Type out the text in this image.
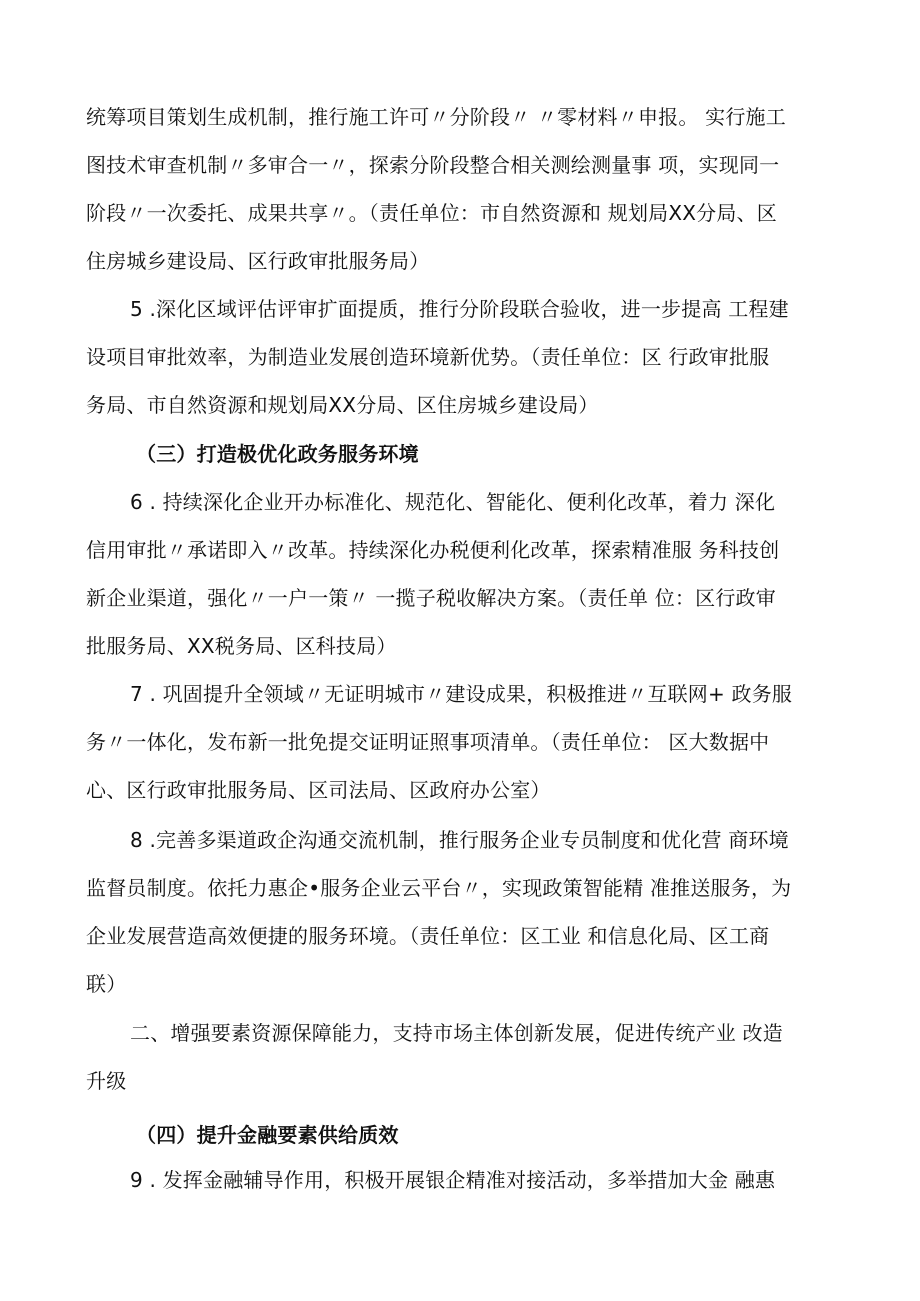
统筹项目策划生成机制，推行施工许可〃分阶段〃 〃零材料〃申报。 实行施工
图技术审查机制〃多审合一〃，探索分阶段整合相关测绘测量事 项，实现同一
阶段〃一次委托、成果共享〃。（责任单位：市自然资源和 规划局XX分局、区
住房城乡建设局、区行政审批服务局）
5 .深化区域评估评审扩面提质，推行分阶段联合验收，进一步提高 工程建
设项目审批效率，为制造业发展创造环境新优势。（责任单位：区 行政审批服
务局、市自然资源和规划局XX分局、区住房城乡建设局）
（三）打造极优化政务服务环境
6 . 持续深化企业开办标准化、规范化、智能化、便利化改革，着力 深化
信用审批〃承诺即入〃改革。持续深化办税便利化改革，探索精准服 务科技创
新企业渠道，强化〃一户一策〃 一揽子税收解决方案。（责任单 位：区行政审
批服务局、XX税务局、区科技局）
7 . 巩固提升全领域〃无证明城市〃建设成果，积极推进〃互联网+ 政务服
务〃一体化，发布新一批免提交证明证照事项清单。（责任单位： 区大数据中
心、区行政审批服务局、区司法局、区政府办公室）
8 .完善多渠道政企沟通交流机制，推行服务企业专员制度和优化营 商环境
监督员制度。依托力惠企•服务企业云平台〃，实现政策智能精 准推送服务，为
企业发展营造高效便捷的服务环境。（责任单位：区工业 和信息化局、区工商
联）
二、增强要素资源保障能力，支持市场主体创新发展，促进传统产业 改造
升级
（四）提升金融要素供给质效
9 . 发挥金融辅导作用，积极开展银企精准对接活动，多举措加大金 融惠
